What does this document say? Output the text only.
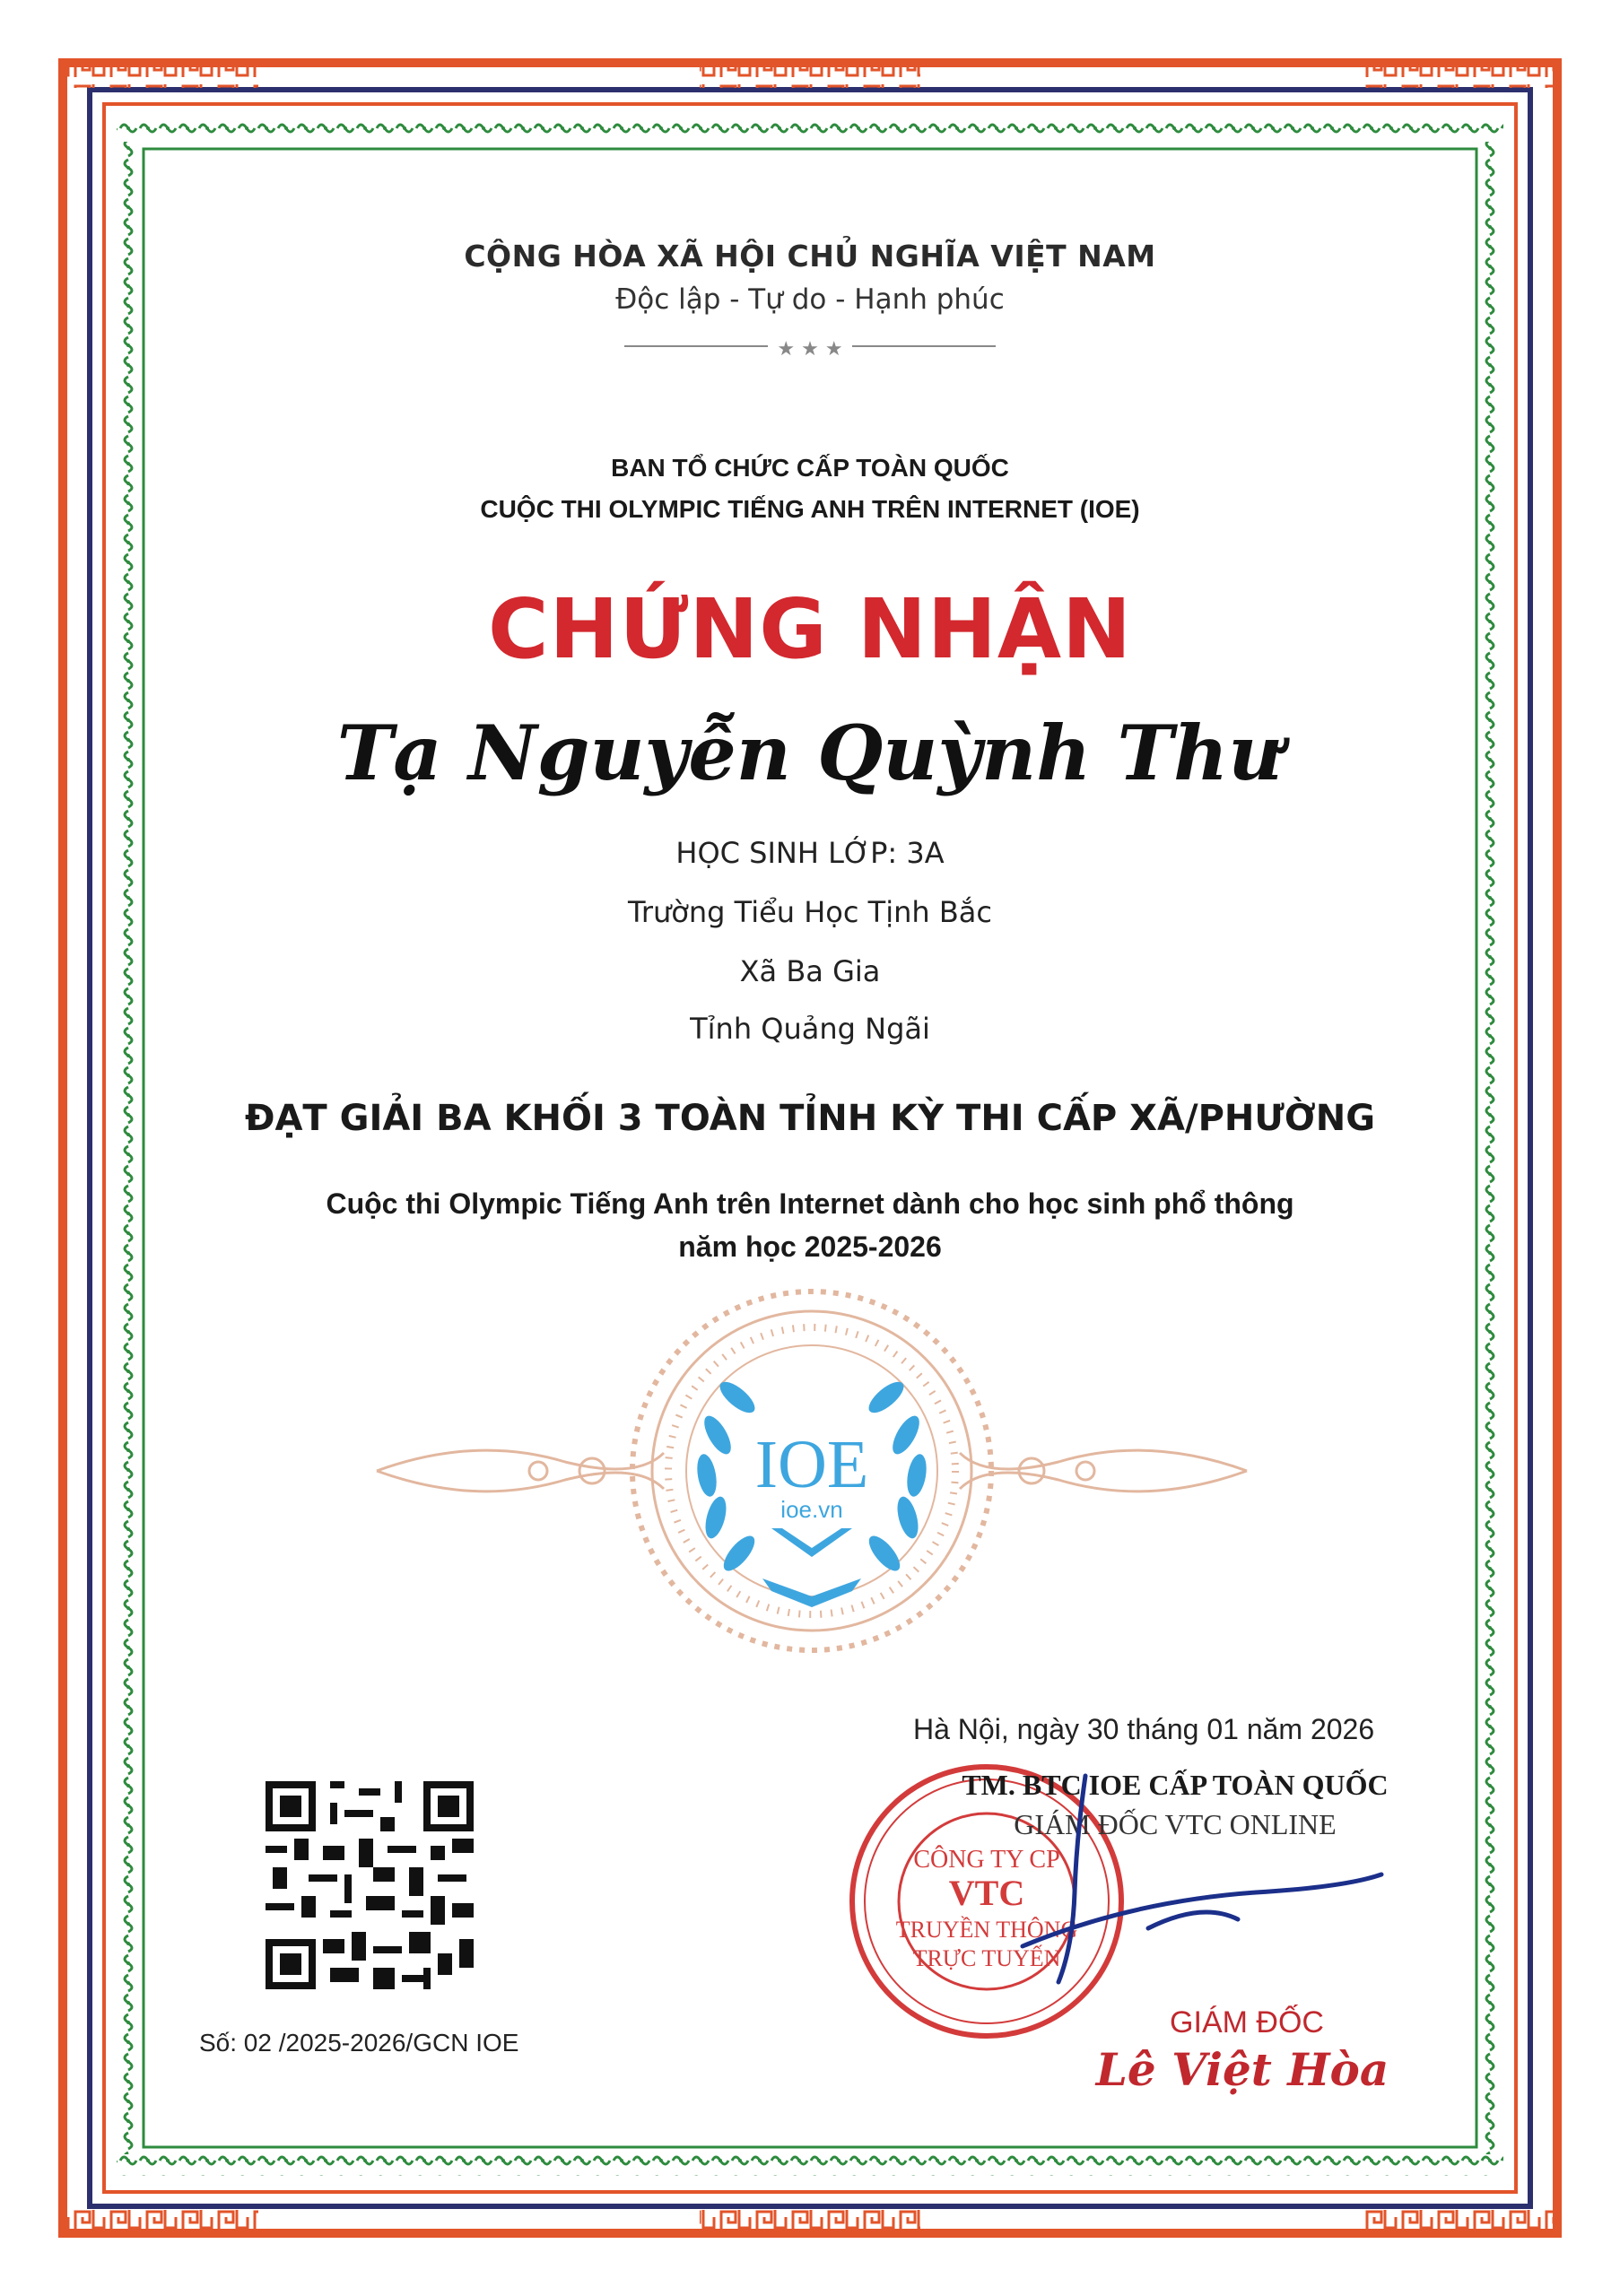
★ ★ ★
CỘNG HÒA XÃ HỘI CHỦ NGHĨA VIỆT NAM
Độc lập - Tự do - Hạnh phúc
BAN TỔ CHỨC CẤP TOÀN QUỐC
CUỘC THI OLYMPIC TIẾNG ANH TRÊN INTERNET (IOE)
CHỨNG NHẬN
Tạ Nguyễn Quỳnh Thư
HỌC SINH LỚP: 3A
Trường Tiểu Học Tịnh Bắc
Xã Ba Gia
Tỉnh Quảng Ngãi
ĐẠT GIẢI BA KHỐI 3 TOÀN TỈNH KỲ THI CẤP XÃ/PHƯỜNG
Cuộc thi Olympic Tiếng Anh trên Internet dành cho học sinh phổ thông
năm học 2025-2026
IOE
ioe.vn
Số: 02 /2025-2026/GCN IOE
CÔNG TY CP
VTC
TRUYỀN THÔNG
TRỰC TUYẾN
Hà Nội, ngày 30 tháng 01 năm 2026
TM. BTC IOE CẤP TOÀN QUỐC
GIÁM ĐỐC VTC ONLINE
GIÁM ĐỐC
Lê Việt Hòa
